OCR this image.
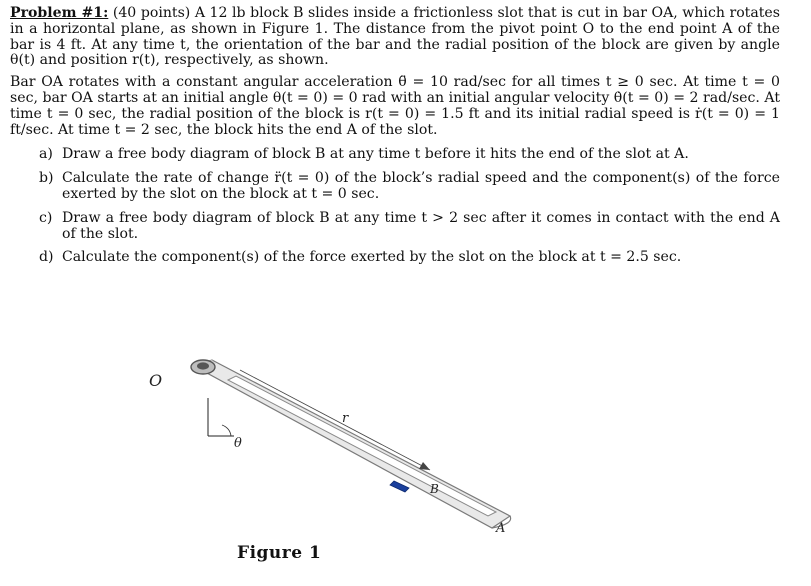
Problem #1: (40 points) A 12 lb block B slides inside a frictionless slot that is cut in bar OA, which rotates in a horizontal plane, as shown in Figure 1. The distance from the pivot point O to the end point A of the bar is 4 ft. At any time t, the orientation of the bar and the radial position of the block are given by angle θ(t) and position r(t), respectively, as shown.

Bar OA rotates with a constant angular acceleration θ̈ = 10 rad/sec for all times t ≥ 0 sec. At time t = 0 sec, bar OA starts at an initial angle θ(t = 0) = 0 rad with an initial angular velocity θ̇(t = 0) = 2 rad/sec. At time t = 0 sec, the radial position of the block is r(t = 0) = 1.5 ft and its initial radial speed is ṙ(t = 0) = 1 ft/sec. At time t = 2 sec, the block hits the end A of the slot.

a) Draw a free body diagram of block B at any time t before it hits the end of the slot at A.
b) Calculate the rate of change r̈(t = 0) of the block’s radial speed and the component(s) of the force exerted by the slot on the block at t = 0 sec.
c) Draw a free body diagram of block B at any time t > 2 sec after it comes in contact with the end A of the slot.
d) Calculate the component(s) of the force exerted by the slot on the block at t = 2.5 sec.
O
r
θ
B
A
Figure 1
